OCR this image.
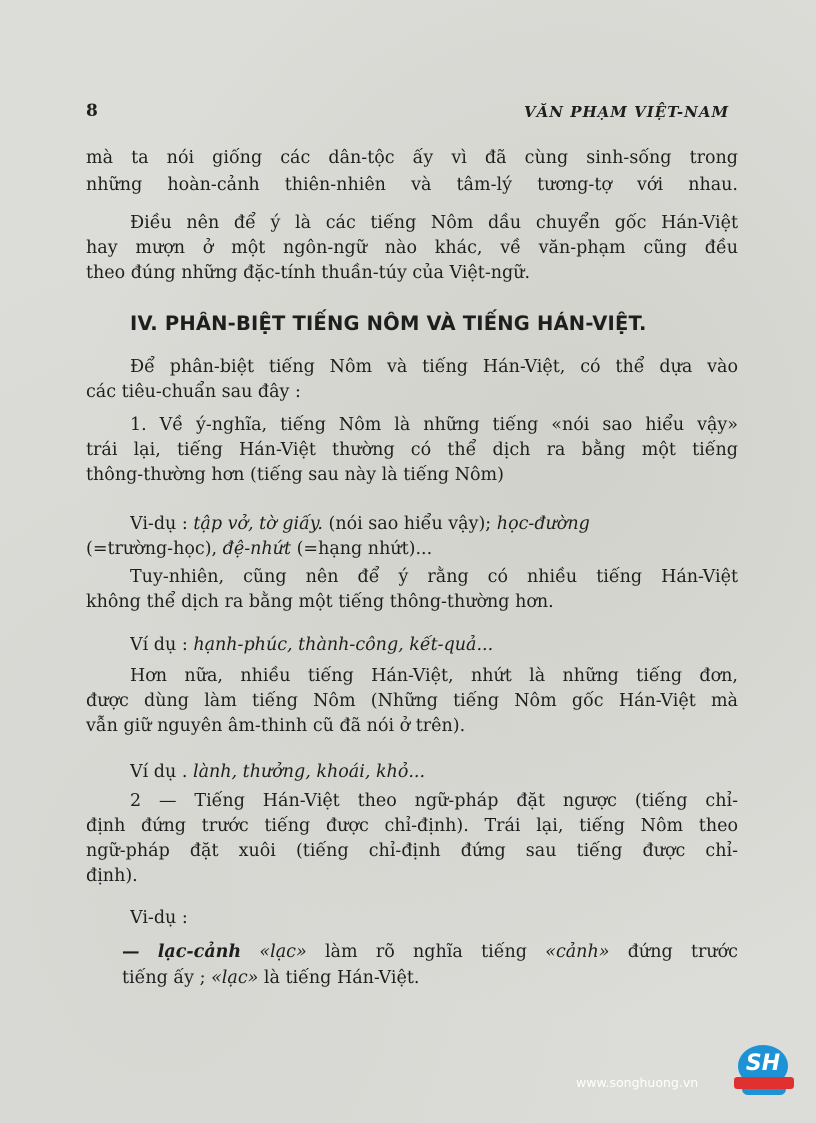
8	VĂN PHẠM VIỆT-NAM
mà ta nói giống các dân-tộc ấy vì đã cùng sinh-sống trong
những hoàn-cảnh thiên-nhiên và tâm-lý tương-tợ với nhau.
Điều nên để ý là các tiếng Nôm dầu chuyển gốc Hán-Việt
hay mượn ở một ngôn-ngữ nào khác, về văn-phạm cũng đều
theo đúng những đặc-tính thuần-túy của Việt-ngữ.
IV. PHÂN-BIỆT TIẾNG NÔM VÀ TIẾNG HÁN-VIỆT.
Để phân-biệt tiếng Nôm và tiếng Hán-Việt, có thể dựa vào
các tiêu-chuẩn sau đây :
1. Về ý-nghĩa, tiếng Nôm là những tiếng «nói sao hiểu vậy»
trái lại, tiếng Hán-Việt thường có thể dịch ra bằng một tiếng
thông-thường hơn (tiếng sau này là tiếng Nôm)
Vi-dụ : tập vở, tờ giấy. (nói sao hiểu vậy); học-đường
(=trường-học), đệ-nhứt (=hạng nhứt)...
Tuy-nhiên, cũng nên để ý rằng có nhiều tiếng Hán-Việt
không thể dịch ra bằng một tiếng thông-thường hơn.
Ví dụ : hạnh-phúc, thành-công, kết-quả...
Hơn nữa, nhiều tiếng Hán-Việt, nhứt là những tiếng đơn,
được dùng làm tiếng Nôm (Những tiếng Nôm gốc Hán-Việt mà
vẫn giữ nguyên âm-thinh cũ đã nói ở trên).
Ví dụ . lành, thưởng, khoái, khỏ...
2 — Tiếng Hán-Việt theo ngữ-pháp đặt ngược (tiếng chỉ-
định đứng trước tiếng được chỉ-định). Trái lại, tiếng Nôm theo
ngữ-pháp đặt xuôi (tiếng chỉ-định đứng sau tiếng được chỉ-
định).
Vi-dụ :
— lạc-cảnh «lạc» làm rõ nghĩa tiếng «cảnh» đứng trước
tiếng ấy ; «lạc» là tiếng Hán-Việt.
www.songhuong.vn
SH
